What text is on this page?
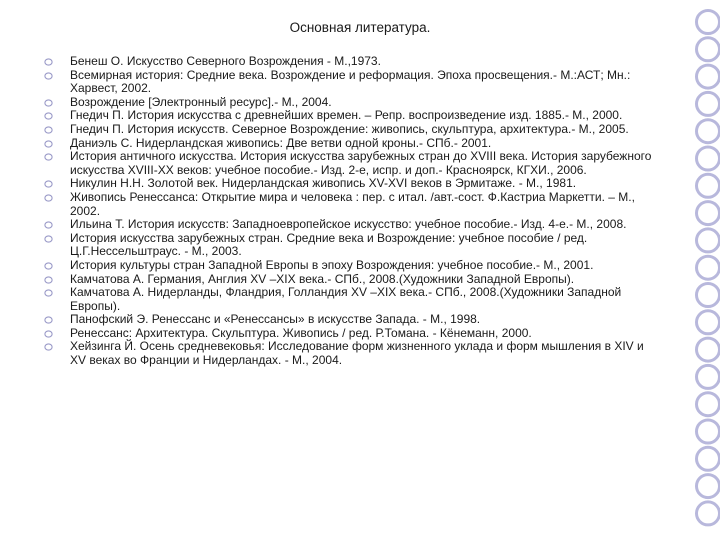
Основная литература.
Бенеш О. Искусство Северного Возрождения - М.,1973.
Всемирная история: Средние века. Возрождение и реформация. Эпоха просвещения.- М.:АСТ; Мн.: Харвест, 2002.
Возрождение [Электронный ресурс].- М., 2004.
Гнедич П. История искусства с древнейших времен. – Репр. воспроизведение изд. 1885.- М., 2000.
Гнедич П. История искусств. Северное Возрождение: живопись, скульптура, архитектура.- М., 2005.
Даниэль С. Нидерландская живопись: Две ветви одной кроны.- СПб.- 2001.
История античного искусства. История искусства зарубежных стран до XVIII века. История зарубежного искусства XVIII-XX веков: учебное пособие.- Изд. 2-е, испр. и доп.- Красноярск, КГХИ., 2006.
Никулин Н.Н. Золотой век. Нидерландская живопись XV-XVI веков в Эрмитаже. - М., 1981.
Живопись Ренессанса: Открытие мира и человека : пер. с итал. /авт.-сост. Ф.Кастриа Маркетти. – М., 2002.
Ильина Т. История искусств: Западноевропейское искусство: учебное пособие.- Изд. 4-е.- М., 2008.
История искусства зарубежных стран. Средние века и Возрождение: учебное пособие / ред. Ц.Г.Нессельштраус. - М., 2003.
История культуры стран Западной Европы в эпоху Возрождения: учебное пособие.- М., 2001.
Камчатова А. Германия, Англия XV –XIX века.- СПб., 2008.(Художники Западной Европы).
Камчатова А. Нидерланды, Фландрия, Голландия XV –XIX века.- СПб., 2008.(Художники Западной Европы).
Панофский Э. Ренессанс и «Ренессансы» в искусстве Запада. - М., 1998.
Ренессанс: Архитектура. Скульптура. Живопись / ред. Р.Томана. - Кёнеманн, 2000.
Хейзинга Й. Осень средневековья: Исследование форм жизненного уклада и форм мышления в XIV и XV веках во Франции и Нидерландах. - М., 2004.
